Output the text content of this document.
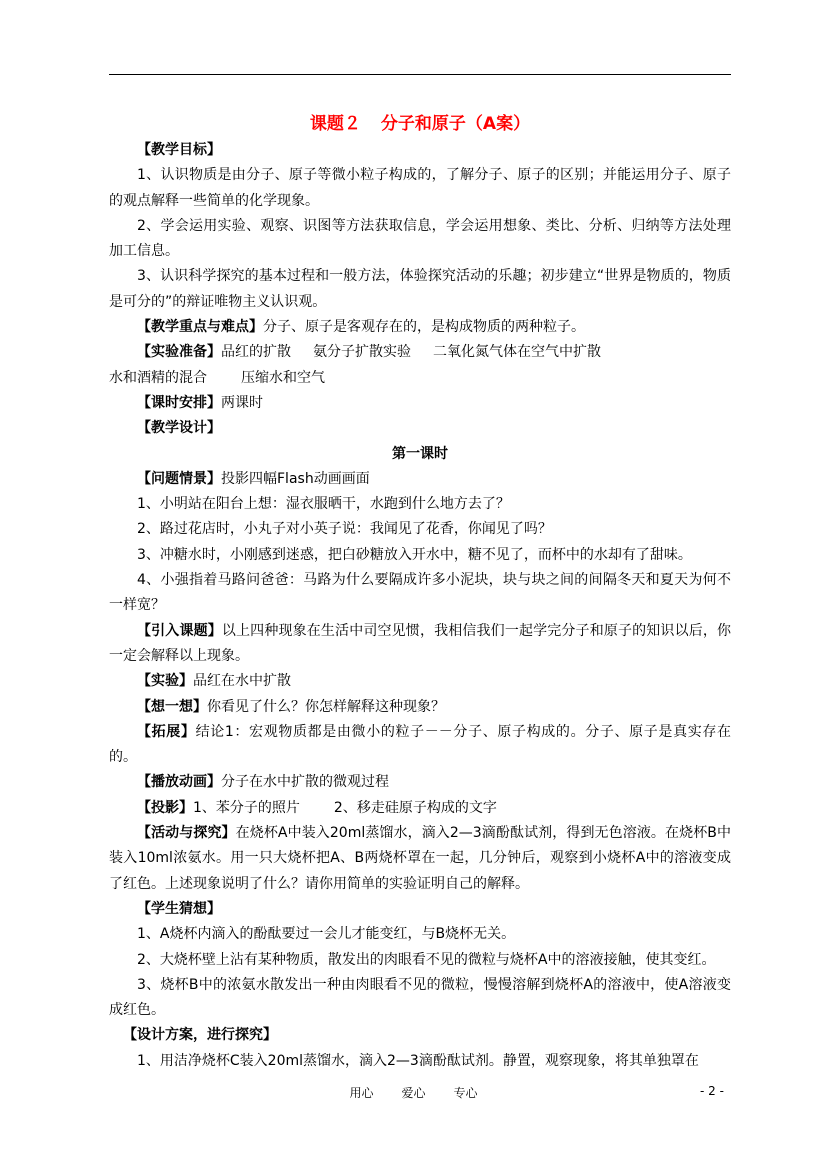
课题２ 分子和原子（A案）

【教学目标】

1、认识物质是由分子、原子等微小粒子构成的，了解分子、原子的区别；并能运用分子、原子的观点解释一些简单的化学现象。

2、学会运用实验、观察、识图等方法获取信息，学会运用想象、类比、分析、归纳等方法处理加工信息。

3、认识科学探究的基本过程和一般方法，体验探究活动的乐趣；初步建立“世界是物质的，物质是可分的”的辩证唯物主义认识观。

【教学重点与难点】分子、原子是客观存在的，是构成物质的两种粒子。

【实验准备】品红的扩散 氨分子扩散实验 二氧化氮气体在空气中扩散

水和酒精的混合 压缩水和空气

【课时安排】两课时

【教学设计】

第一课时

【问题情景】投影四幅Flash动画画面

1、小明站在阳台上想：湿衣服晒干，水跑到什么地方去了？

2、路过花店时，小丸子对小英子说：我闻见了花香，你闻见了吗？

3、冲糖水时，小刚感到迷惑，把白砂糖放入开水中，糖不见了，而杯中的水却有了甜味。

4、小强指着马路问爸爸：马路为什么要隔成许多小泥块，块与块之间的间隔冬天和夏天为何不一样宽？

【引入课题】以上四种现象在生活中司空见惯，我相信我们一起学完分子和原子的知识以后，你一定会解释以上现象。

【实验】品红在水中扩散

【想一想】你看见了什么？你怎样解释这种现象？

【拓展】结论1：宏观物质都是由微小的粒子－－分子、原子构成的。分子、原子是真实存在的。

【播放动画】分子在水中扩散的微观过程

【投影】1、苯分子的照片 2、移走硅原子构成的文字

【活动与探究】在烧杯A中装入20ml蒸馏水，滴入2—3滴酚酞试剂，得到无色溶液。在烧杯B中装入10ml浓氨水。用一只大烧杯把A、B两烧杯罩在一起，几分钟后，观察到小烧杯A中的溶液变成了红色。上述现象说明了什么？请你用简单的实验证明自己的解释。

【学生猜想】

1、A烧杯内滴入的酚酞要过一会儿才能变红，与B烧杯无关。

2、大烧杯壁上沾有某种物质，散发出的肉眼看不见的微粒与烧杯A中的溶液接触，使其变红。

3、烧杯B中的浓氨水散发出一种由肉眼看不见的微粒，慢慢溶解到烧杯A的溶液中，使A溶液变成红色。

【设计方案，进行探究】

1、用洁净烧杯C装入20ml蒸馏水，滴入2—3滴酚酞试剂。静置，观察现象，将其单独罩在

用心 爱心 专心	- 2 -
